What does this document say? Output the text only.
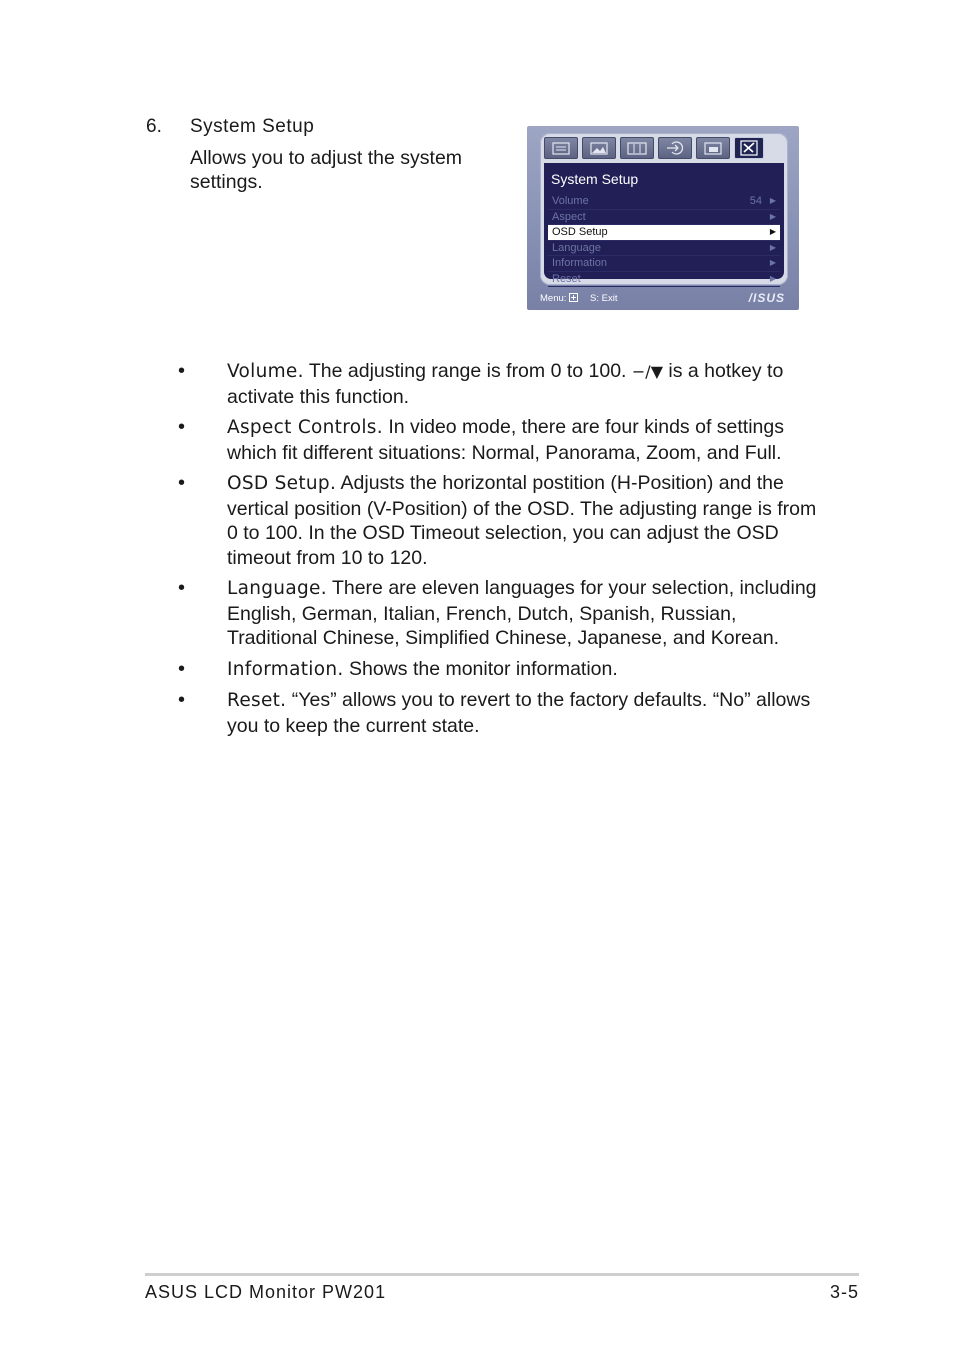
6. System Setup
Allows you to adjust the system settings.	System Setup
Volume	54 ▶
Aspect	▶
OSD Setup	▶
Language	▶
Information	▶
Reset	▶
Menu:	S: Exit	/ISUS
• Volume. The adjusting range is from 0 to 100. −/▼ is a hotkey to activate this function.
• Aspect Controls. In video mode, there are four kinds of settings which fit different situations: Normal, Panorama, Zoom, and Full.
• OSD Setup. Adjusts the horizontal postition (H-Position) and the vertical position (V-Position) of the OSD. The adjusting range is from 0 to 100. In the OSD Timeout selection, you can adjust the OSD timeout from 10 to 120.
• Language. There are eleven languages for your selection, including English, German, Italian, French, Dutch, Spanish, Russian, Traditional Chinese, Simplified Chinese, Japanese, and Korean.
• Information. Shows the monitor information.
• Reset. “Yes” allows you to revert to the factory defaults. “No” allows you to keep the current state.
ASUS LCD Monitor PW201	3-5
